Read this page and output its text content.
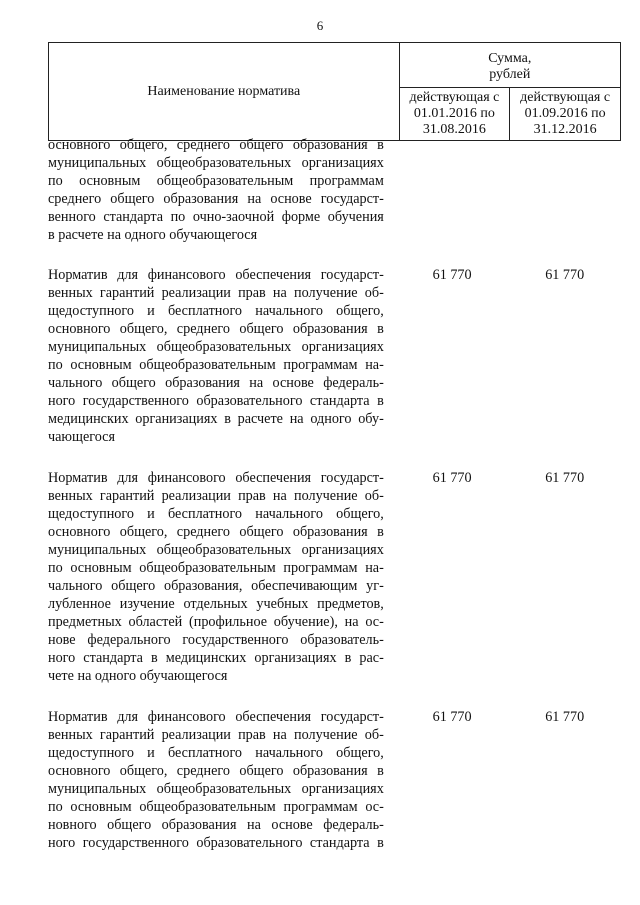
6
Наименование норматива	Сумма,
рублей	

	действующая с
01.01.2016 по
31.08.2016	действующая с
01.09.2016 по
31.12.2016
основного общего, среднего общего образования в
муниципальных общеобразовательных организациях
по основным общеобразовательным программам
среднего общего образования на основе государст-
венного стандарта по очно-заочной форме обучения
в расчете на одного обучающегося
Норматив для финансового обеспечения государст-
венных гарантий реализации прав на получение об-
щедоступного и бесплатного начального общего,
основного общего, среднего общего образования в
муниципальных общеобразовательных организациях
по основным общеобразовательным программам на-
чального общего образования на основе федераль-
ного государственного образовательного стандарта в
медицинских организациях в расчете на одного обу-
чающегося
61 770	61 770
Норматив для финансового обеспечения государст-
венных гарантий реализации прав на получение об-
щедоступного и бесплатного начального общего,
основного общего, среднего общего образования в
муниципальных общеобразовательных организациях
по основным общеобразовательным программам на-
чального общего образования, обеспечивающим уг-
лубленное изучение отдельных учебных предметов,
предметных областей (профильное обучение), на ос-
нове федерального государственного образователь-
ного стандарта в медицинских организациях в рас-
чете на одного обучающегося
61 770	61 770
Норматив для финансового обеспечения государст-
венных гарантий реализации прав на получение об-
щедоступного и бесплатного начального общего,
основного общего, среднего общего образования в
муниципальных общеобразовательных организациях
по основным общеобразовательным программам ос-
новного общего образования на основе федераль-
ного государственного образовательного стандарта в
61 770	61 770
